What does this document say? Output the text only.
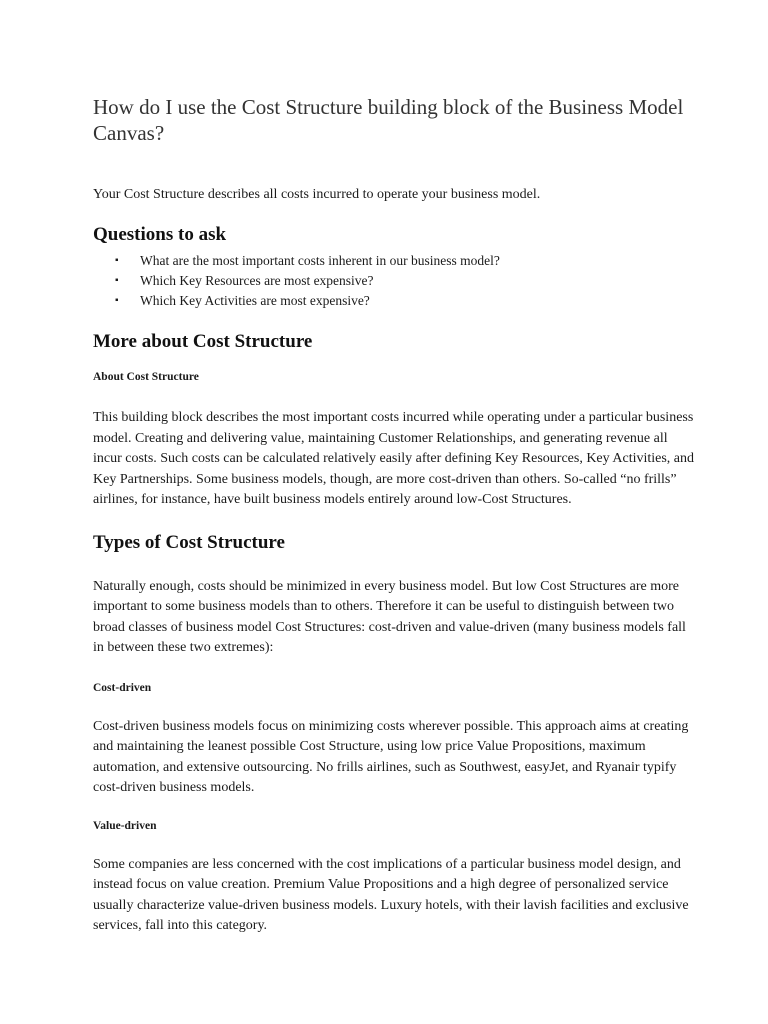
How do I use the Cost Structure building block of the Business Model Canvas?

Your Cost Structure describes all costs incurred to operate your business model.

Questions to ask
▪ What are the most important costs inherent in our business model?
▪ Which Key Resources are most expensive?
▪ Which Key Activities are most expensive?
More about Cost Structure
About Cost Structure

This building block describes the most important costs incurred while operating under a particular business model. Creating and delivering value, maintaining Customer Relationships, and generating revenue all incur costs. Such costs can be calculated relatively easily after defining Key Resources, Key Activities, and Key Partnerships. Some business models, though, are more cost-driven than others. So-called “no frills” airlines, for instance, have built business models entirely around low-Cost Structures.

Types of Cost Structure

Naturally enough, costs should be minimized in every business model. But low Cost Structures are more important to some business models than to others. Therefore it can be useful to distinguish between two broad classes of business model Cost Structures: cost-driven and value-driven (many business models fall in between these two extremes):

Cost-driven

Cost-driven business models focus on minimizing costs wherever possible. This approach aims at creating and maintaining the leanest possible Cost Structure, using low price Value Propositions, maximum automation, and extensive outsourcing. No frills airlines, such as Southwest, easyJet, and Ryanair typify cost-driven business models.

Value-driven

Some companies are less concerned with the cost implications of a particular business model design, and instead focus on value creation. Premium Value Propositions and a high degree of personalized service usually characterize value-driven business models. Luxury hotels, with their lavish facilities and exclusive services, fall into this category.
